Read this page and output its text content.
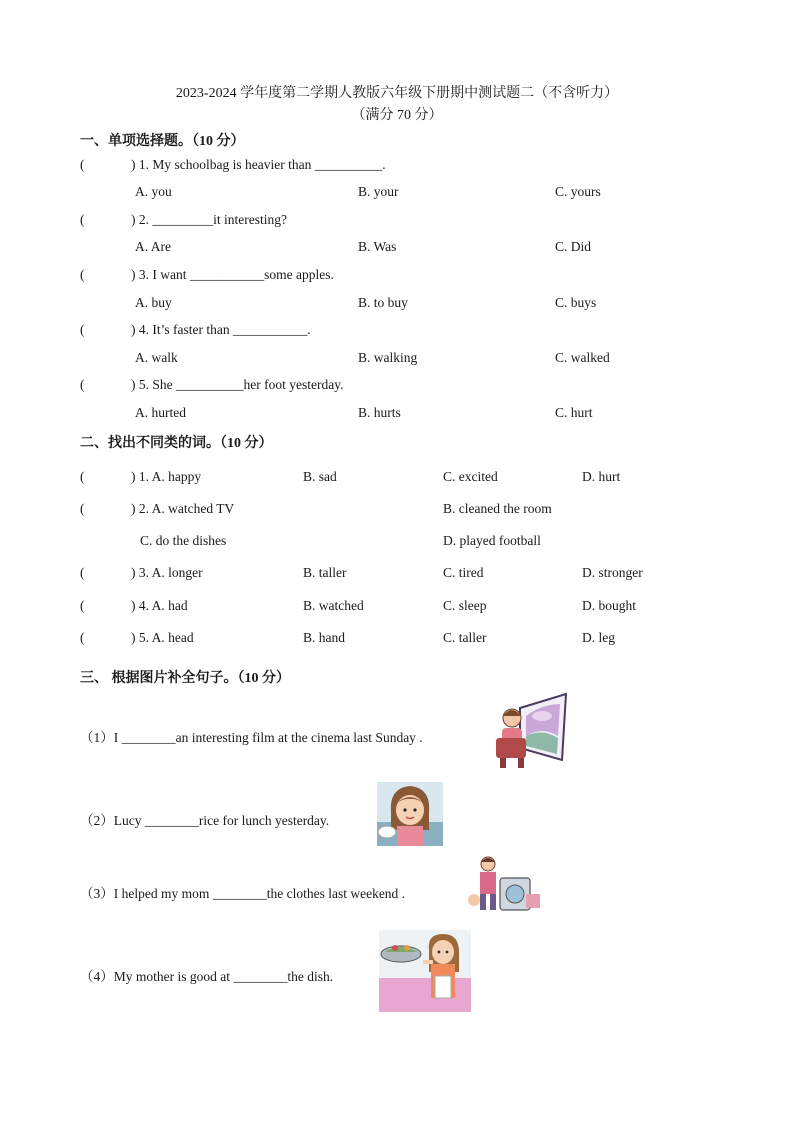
2023-2024 学年度第二学期人教版六年级下册期中测试题二（不含听力）
（满分 70 分）
一、单项选择题。（10 分）
(	) 1. My schoolbag is heavier than __________.
A. you	B. your	C. yours
(	) 2. _________it interesting?
A. Are	B. Was	C. Did
(	) 3. I want ___________some apples.
A. buy	B. to buy	C. buys
(	) 4. It’s faster than ___________.
A. walk	B. walking	C. walked
(	) 5. She __________her foot yesterday.
A. hurted	B. hurts	C. hurt
二、找出不同类的词。（10 分）
(	) 1. A. happy	B. sad	C. excited	D. hurt
(	) 2. A. watched TV	B. cleaned the room
C. do the dishes	D. played football
(	) 3. A. longer	B. taller	C. tired	D. stronger
(	) 4. A. had	B. watched	C. sleep	D. bought
(	) 5. A. head	B. hand	C. taller	D. leg
三、 根据图片补全句子。（10 分）
（1）I ________an interesting film at the cinema last Sunday .
（2）Lucy ________rice for lunch yesterday.
（3）I helped my mom ________the clothes last weekend .
（4）My mother is good at ________the dish.
